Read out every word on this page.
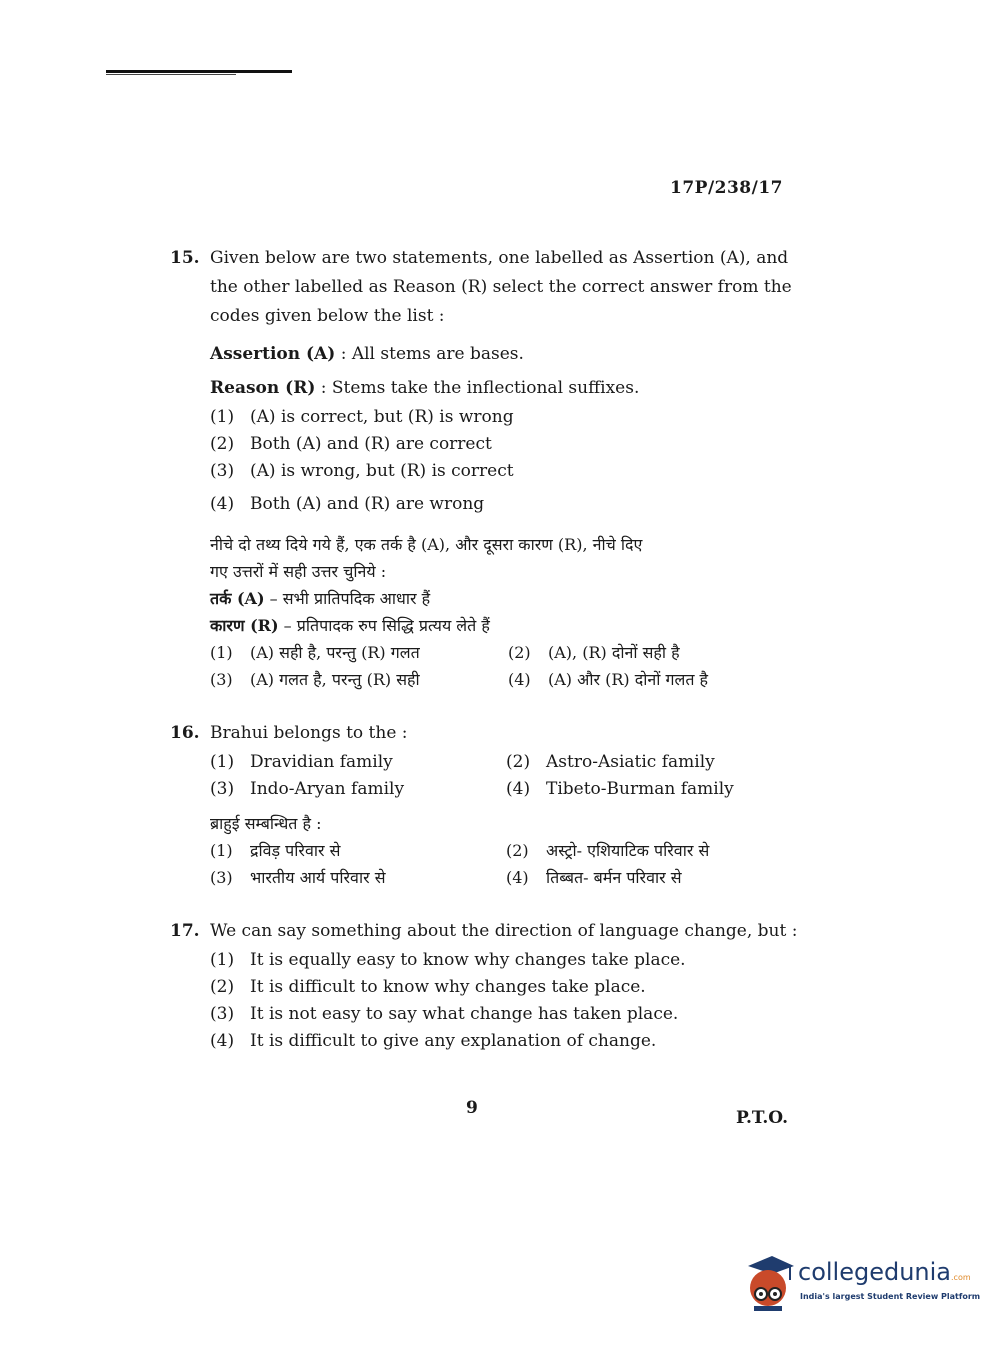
17P/238/17
15. Given below are two statements, one labelled as Assertion (A), and
the other labelled as Reason (R) select the correct answer from the
codes given below the list :
Assertion (A) : All stems are bases.
Reason (R) : Stems take the inflectional suffixes.
(1) (A) is correct, but (R) is wrong
(2) Both (A) and (R) are correct
(3) (A) is wrong, but (R) is correct
(4) Both (A) and (R) are wrong
नीचे दो तथ्य दिये गये हैं, एक तर्क है (A), और दूसरा कारण (R), नीचे दिए
गए उत्तरों में सही उत्तर चुनिये :
तर्क (A) – सभी प्रातिपदिक आधार हैं
कारण (R) – प्रतिपादक रुप सिद्धि प्रत्यय लेते हैं
(1) (A) सही है, परन्तु (R) गलत	(2) (A), (R) दोनों सही है
(3) (A) गलत है, परन्तु (R) सही	(4) (A) और (R) दोनों गलत है
16. Brahui belongs to the :
(1) Dravidian family	(2) Astro-Asiatic family
(3) Indo-Aryan family	(4) Tibeto-Burman family
ब्राहुई सम्बन्धित है :
(1) द्रविड़ परिवार से	(2) अस्ट्रो- एशियाटिक परिवार से
(3) भारतीय आर्य परिवार से	(4) तिब्बत- बर्मन परिवार से
17. We can say something about the direction of language change, but :
(1) It is equally easy to know why changes take place.
(2) It is difficult to know why changes take place.
(3) It is not easy to say what change has taken place.
(4) It is difficult to give any explanation of change.
9	P.T.O.
collegedunia.com
India's largest Student Review Platform
